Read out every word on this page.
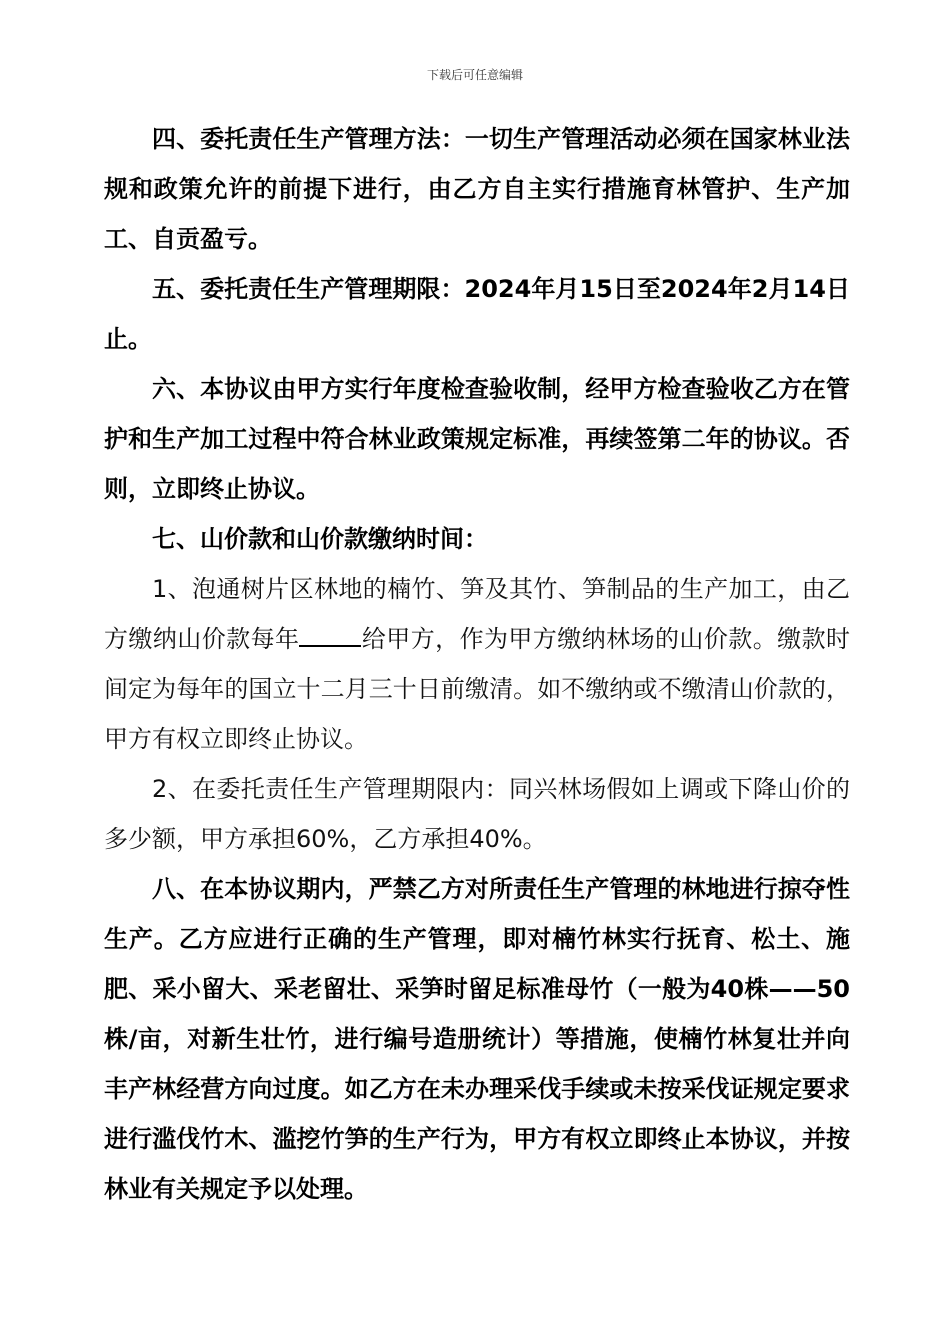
下载后可任意编辑

四、委托责任生产管理方法：一切生产管理活动必须在国家林业法规和政策允许的前提下进行，由乙方自主实行措施育林管护、生产加工、自贡盈亏。

五、委托责任生产管理期限：2024年月15日至2024年2月14日止。

六、本协议由甲方实行年度检查验收制，经甲方检查验收乙方在管护和生产加工过程中符合林业政策规定标准，再续签第二年的协议。否则，立即终止协议。

七、山价款和山价款缴纳时间：

1、泡通树片区林地的楠竹、笋及其竹、笋制品的生产加工，由乙方缴纳山价款每年	给甲方，作为甲方缴纳林场的山价款。缴款时间定为每年的国立十二月三十日前缴清。如不缴纳或不缴清山价款的，甲方有权立即终止协议。

2、在委托责任生产管理期限内：同兴林场假如上调或下降山价的多少额，甲方承担60%，乙方承担40%。

八、在本协议期内，严禁乙方对所责任生产管理的林地进行掠夺性生产。乙方应进行正确的生产管理，即对楠竹林实行抚育、松土、施肥、采小留大、采老留壮、采笋时留足标准母竹（一般为40株——50株/亩，对新生壮竹，进行编号造册统计）等措施，使楠竹林复壮并向丰产林经营方向过度。如乙方在未办理采伐手续或未按采伐证规定要求进行滥伐竹木、滥挖竹笋的生产行为，甲方有权立即终止本协议，并按林业有关规定予以处理。
